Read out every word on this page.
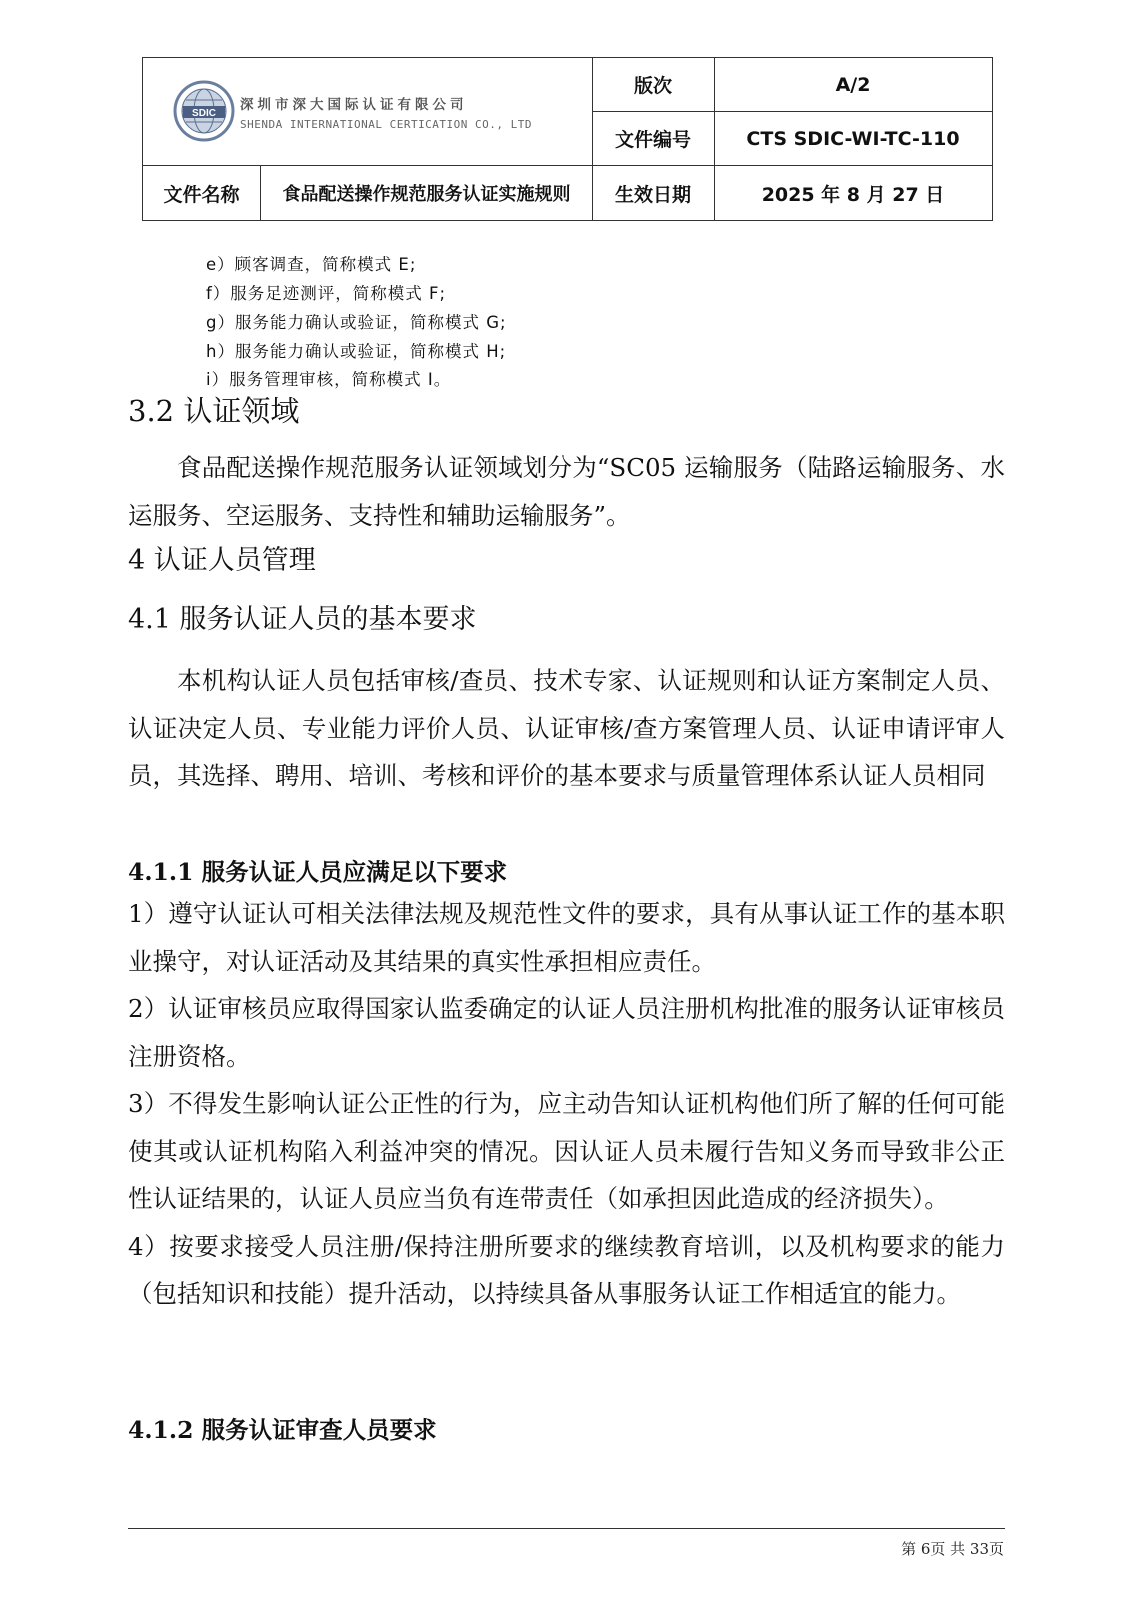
SDIC
深圳市深大国际认证有限公司
SHENDA INTERNATIONAL CERTICATION CO., LTD
版次	A/2
文件编号	CTS SDIC-WI-TC-110
文件名称	食品配送操作规范服务认证实施规则	生效日期	2025 年 8 月 27 日
e）顾客调查，简称模式 E;
f）服务足迹测评，简称模式 F;
g）服务能力确认或验证，简称模式 G;
h）服务能力确认或验证，简称模式 H;
i）服务管理审核，简称模式 I。
3.2 认证领域

食品配送操作规范服务认证领域划分为“SC05 运输服务（陆路运输服务、水运服务、空运服务、支持性和辅助运输服务”。

4 认证人员管理
4.1 服务认证人员的基本要求

本机构认证人员包括审核/查员、技术专家、认证规则和认证方案制定人员、认证决定人员、专业能力评价人员、认证审核/查方案管理人员、认证申请评审人员，其选择、聘用、培训、考核和评价的基本要求与质量管理体系认证人员相同

4.1.1 服务认证人员应满足以下要求

1）遵守认证认可相关法律法规及规范性文件的要求，具有从事认证工作的基本职业操守，对认证活动及其结果的真实性承担相应责任。

2）认证审核员应取得国家认监委确定的认证人员注册机构批准的服务认证审核员注册资格。

3）不得发生影响认证公正性的行为，应主动告知认证机构他们所了解的任何可能使其或认证机构陷入利益冲突的情况。因认证人员未履行告知义务而导致非公正性认证结果的，认证人员应当负有连带责任（如承担因此造成的经济损失）。

4）按要求接受人员注册/保持注册所要求的继续教育培训，以及机构要求的能力（包括知识和技能）提升活动，以持续具备从事服务认证工作相适宜的能力。

4.1.2 服务认证审查人员要求
第 6页 共 33页
